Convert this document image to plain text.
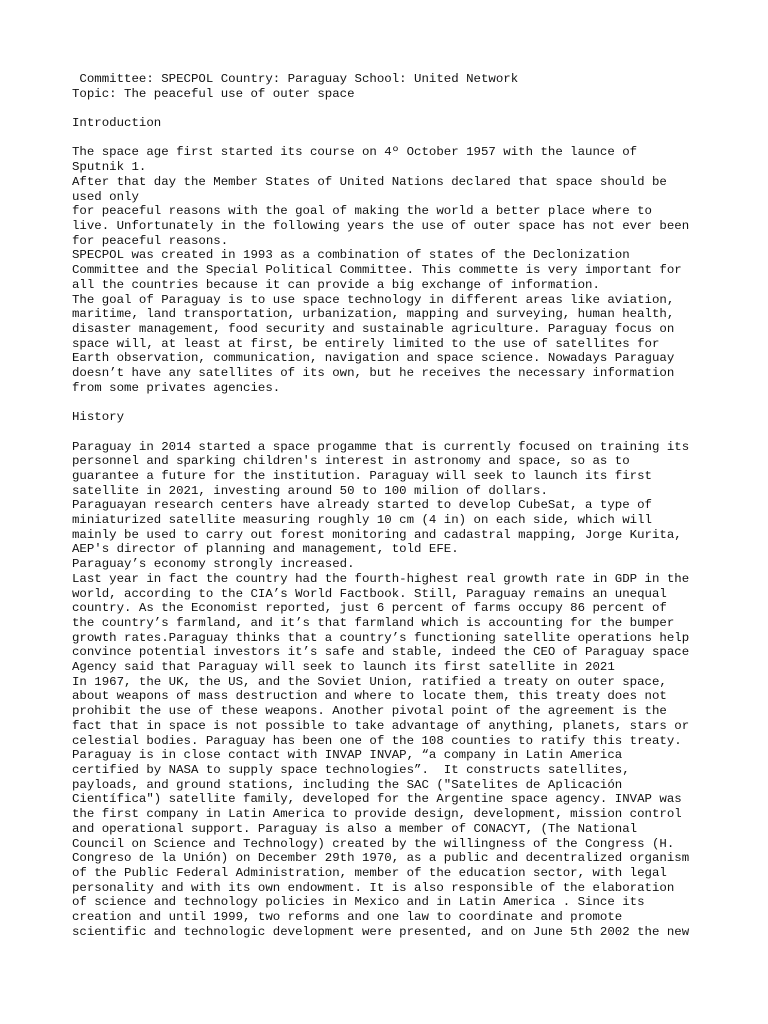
Committee: SPECPOL Country: Paraguay School: United Network
Topic: The peaceful use of outer space
Introduction
The space age first started its course on 4º October 1957 with the launce of
Sputnik 1.
After that day the Member States of United Nations declared that space should be
used only
for peaceful reasons with the goal of making the world a better place where to
live. Unfortunately in the following years the use of outer space has not ever been
for peaceful reasons.
SPECPOL was created in 1993 as a combination of states of the Declonization
Committee and the Special Political Committee. This commette is very important for
all the countries because it can provide a big exchange of information.
The goal of Paraguay is to use space technology in different areas like aviation,
maritime, land transportation, urbanization, mapping and surveying, human health,
disaster management, food security and sustainable agriculture. Paraguay focus on
space will, at least at first, be entirely limited to the use of satellites for
Earth observation, communication, navigation and space science. Nowadays Paraguay
doesn’t have any satellites of its own, but he receives the necessary information
from some privates agencies.
History
Paraguay in 2014 started a space progamme that is currently focused on training its
personnel and sparking children's interest in astronomy and space, so as to
guarantee a future for the institution. Paraguay will seek to launch its first
satellite in 2021, investing around 50 to 100 milion of dollars.
Paraguayan research centers have already started to develop CubeSat, a type of
miniaturized satellite measuring roughly 10 cm (4 in) on each side, which will
mainly be used to carry out forest monitoring and cadastral mapping, Jorge Kurita,
AEP's director of planning and management, told EFE.
Paraguay’s economy strongly increased.
Last year in fact the country had the fourth-highest real growth rate in GDP in the
world, according to the CIA’s World Factbook. Still, Paraguay remains an unequal
country. As the Economist reported, just 6 percent of farms occupy 86 percent of
the country’s farmland, and it’s that farmland which is accounting for the bumper
growth rates.Paraguay thinks that a country’s functioning satellite operations help
convince potential investors it’s safe and stable, indeed the CEO of Paraguay space
Agency said that Paraguay will seek to launch its first satellite in 2021
In 1967, the UK, the US, and the Soviet Union, ratified a treaty on outer space,
about weapons of mass destruction and where to locate them, this treaty does not
prohibit the use of these weapons. Another pivotal point of the agreement is the
fact that in space is not possible to take advantage of anything, planets, stars or
celestial bodies. Paraguay has been one of the 108 counties to ratify this treaty.
Paraguay is in close contact with INVAP INVAP, “a company in Latin America
certified by NASA to supply space technologies”.  It constructs satellites,
payloads, and ground stations, including the SAC ("Satelites de Aplicación
Científica") satellite family, developed for the Argentine space agency. INVAP was
the first company in Latin America to provide design, development, mission control
and operational support. Paraguay is also a member of CONACYT, (The National
Council on Science and Technology) created by the willingness of the Congress (H.
Congreso de la Unión) on December 29th 1970, as a public and decentralized organism
of the Public Federal Administration, member of the education sector, with legal
personality and with its own endowment. It is also responsible of the elaboration
of science and technology policies in Mexico and in Latin America . Since its
creation and until 1999, two reforms and one law to coordinate and promote
scientific and technologic development were presented, and on June 5th 2002 the new
